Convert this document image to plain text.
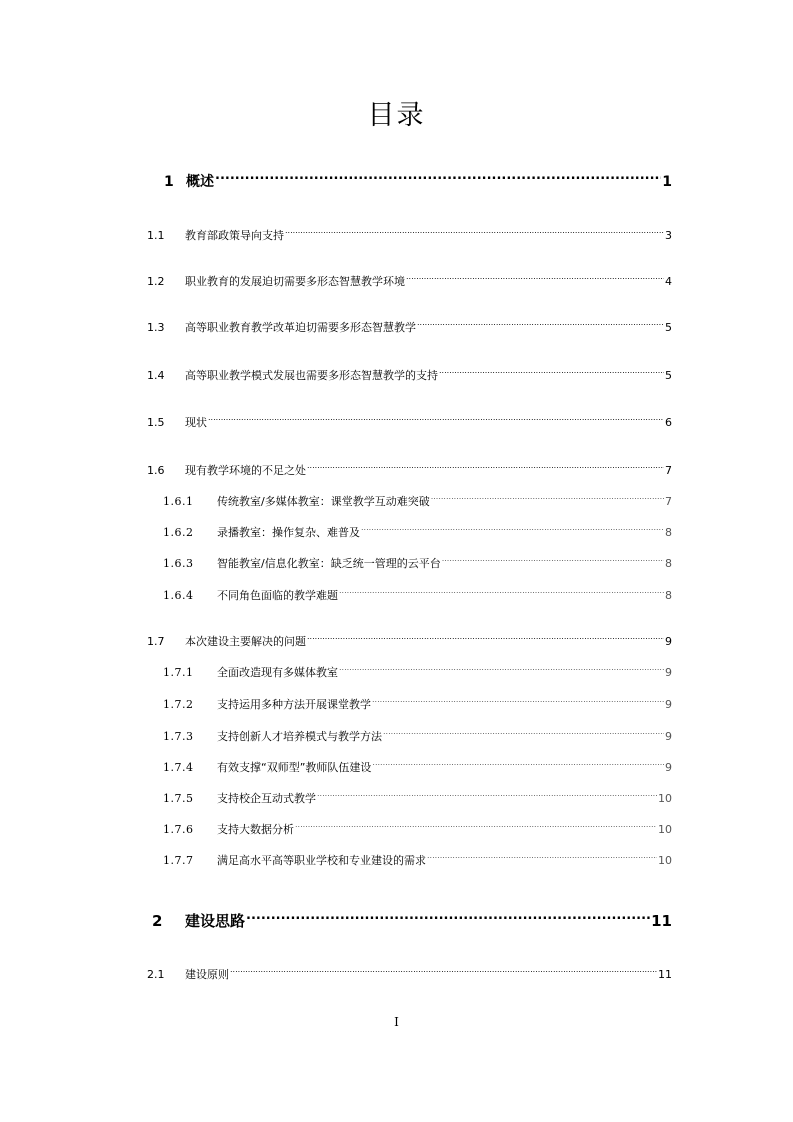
目录
1 概述 .....	1
1.1	教育部政策导向支持 .....	3
1.2	职业教育的发展迫切需要多形态智慧教学环境 .....	4
1.3	高等职业教育教学改革迫切需要多形态智慧教学 .....	5
1.4	高等职业教学模式发展也需要多形态智慧教学的支持 .....	5
1.5	现状 .....	6
1.6	现有教学环境的不足之处 .....	7
1.6.1	传统教室/多媒体教室：课堂教学互动难突破 .....	7
1.6.2	录播教室：操作复杂、难普及 .....	8
1.6.3	智能教室/信息化教室：缺乏统一管理的云平台 .....	8
1.6.4	不同角色面临的教学难题 .....	8
1.7	本次建设主要解决的问题 .....	9
1.7.1	全面改造现有多媒体教室 .....	9
1.7.2	支持运用多种方法开展课堂教学 .....	9
1.7.3	支持创新人才培养模式与教学方法 .....	9
1.7.4	有效支撑“双师型”教师队伍建设 .....	9
1.7.5	支持校企互动式教学 .....	10
1.7.6	支持大数据分析 .....	10
1.7.7	满足高水平高等职业学校和专业建设的需求 .....	10
2	建设思路 .....	11
2.1	建设原则 .....	11
I
